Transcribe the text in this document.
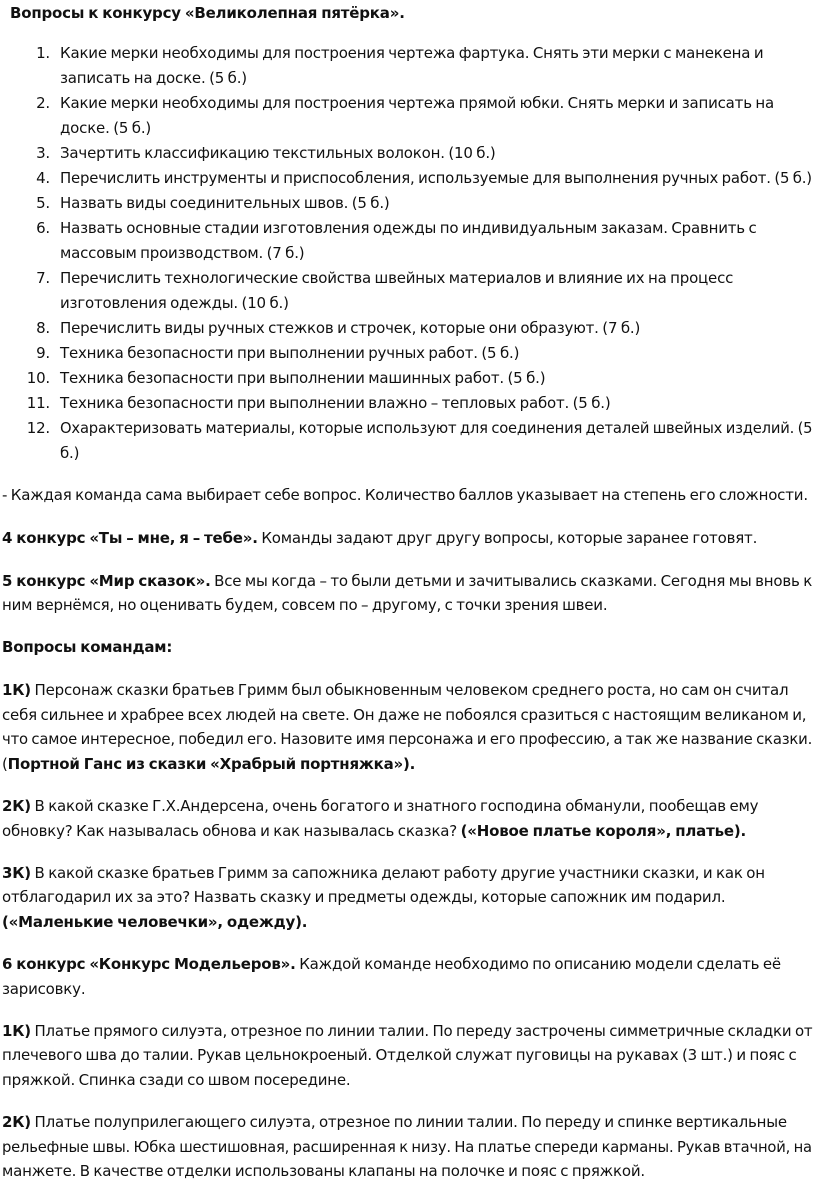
Вопросы к конкурсу «Великолепная пятёрка».
1. Какие мерки необходимы для построения чертежа фартука. Снять эти мерки с манекена и
записать на доске. (5 б.)
2. Какие мерки необходимы для построения чертежа прямой юбки. Снять мерки и записать на
доске. (5 б.)
3. Зачертить классификацию текстильных волокон. (10 б.)
4. Перечислить инструменты и приспособления, используемые для выполнения ручных работ. (5 б.)
5. Назвать виды соединительных швов. (5 б.)
6. Назвать основные стадии изготовления одежды по индивидуальным заказам. Сравнить с
массовым производством. (7 б.)
7. Перечислить технологические свойства швейных материалов и влияние их на процесс
изготовления одежды. (10 б.)
8. Перечислить виды ручных стежков и строчек, которые они образуют. (7 б.)
9. Техника безопасности при выполнении ручных работ. (5 б.)
10. Техника безопасности при выполнении машинных работ. (5 б.)
11. Техника безопасности при выполнении влажно – тепловых работ. (5 б.)
12. Охарактеризовать материалы, которые используют для соединения деталей швейных изделий. (5
б.)
- Каждая команда сама выбирает себе вопрос. Количество баллов указывает на степень его сложности.
4 конкурс «Ты – мне, я – тебе». Команды задают друг другу вопросы, которые заранее готовят.
5 конкурс «Мир сказок». Все мы когда – то были детьми и зачитывались сказками. Сегодня мы вновь к
ним вернёмся, но оценивать будем, совсем по – другому, с точки зрения швеи.
Вопросы командам:
1К) Персонаж сказки братьев Гримм был обыкновенным человеком среднего роста, но сам он считал
себя сильнее и храбрее всех людей на свете. Он даже не побоялся сразиться с настоящим великаном и,
что самое интересное, победил его. Назовите имя персонажа и его профессию, а так же название сказки.
(Портной Ганс из сказки «Храбрый портняжка»).
2К) В какой сказке Г.Х.Андерсена, очень богатого и знатного господина обманули, пообещав ему
обновку? Как называлась обнова и как называлась сказка? («Новое платье короля», платье).
3К) В какой сказке братьев Гримм за сапожника делают работу другие участники сказки, и как он
отблагодарил их за это? Назвать сказку и предметы одежды, которые сапожник им подарил.
(«Маленькие человечки», одежду).
6 конкурс «Конкурс Модельеров». Каждой команде необходимо по описанию модели сделать её
зарисовку.
1К) Платье прямого силуэта, отрезное по линии талии. По переду застрочены симметричные складки от
плечевого шва до талии. Рукав цельнокроеный. Отделкой служат пуговицы на рукавах (3 шт.) и пояс с
пряжкой. Спинка сзади со швом посередине.
2К) Платье полуприлегающего силуэта, отрезное по линии талии. По переду и спинке вертикальные
рельефные швы. Юбка шестишовная, расширенная к низу. На платье спереди карманы. Рукав втачной, на
манжете. В качестве отделки использованы клапаны на полочке и пояс с пряжкой.
